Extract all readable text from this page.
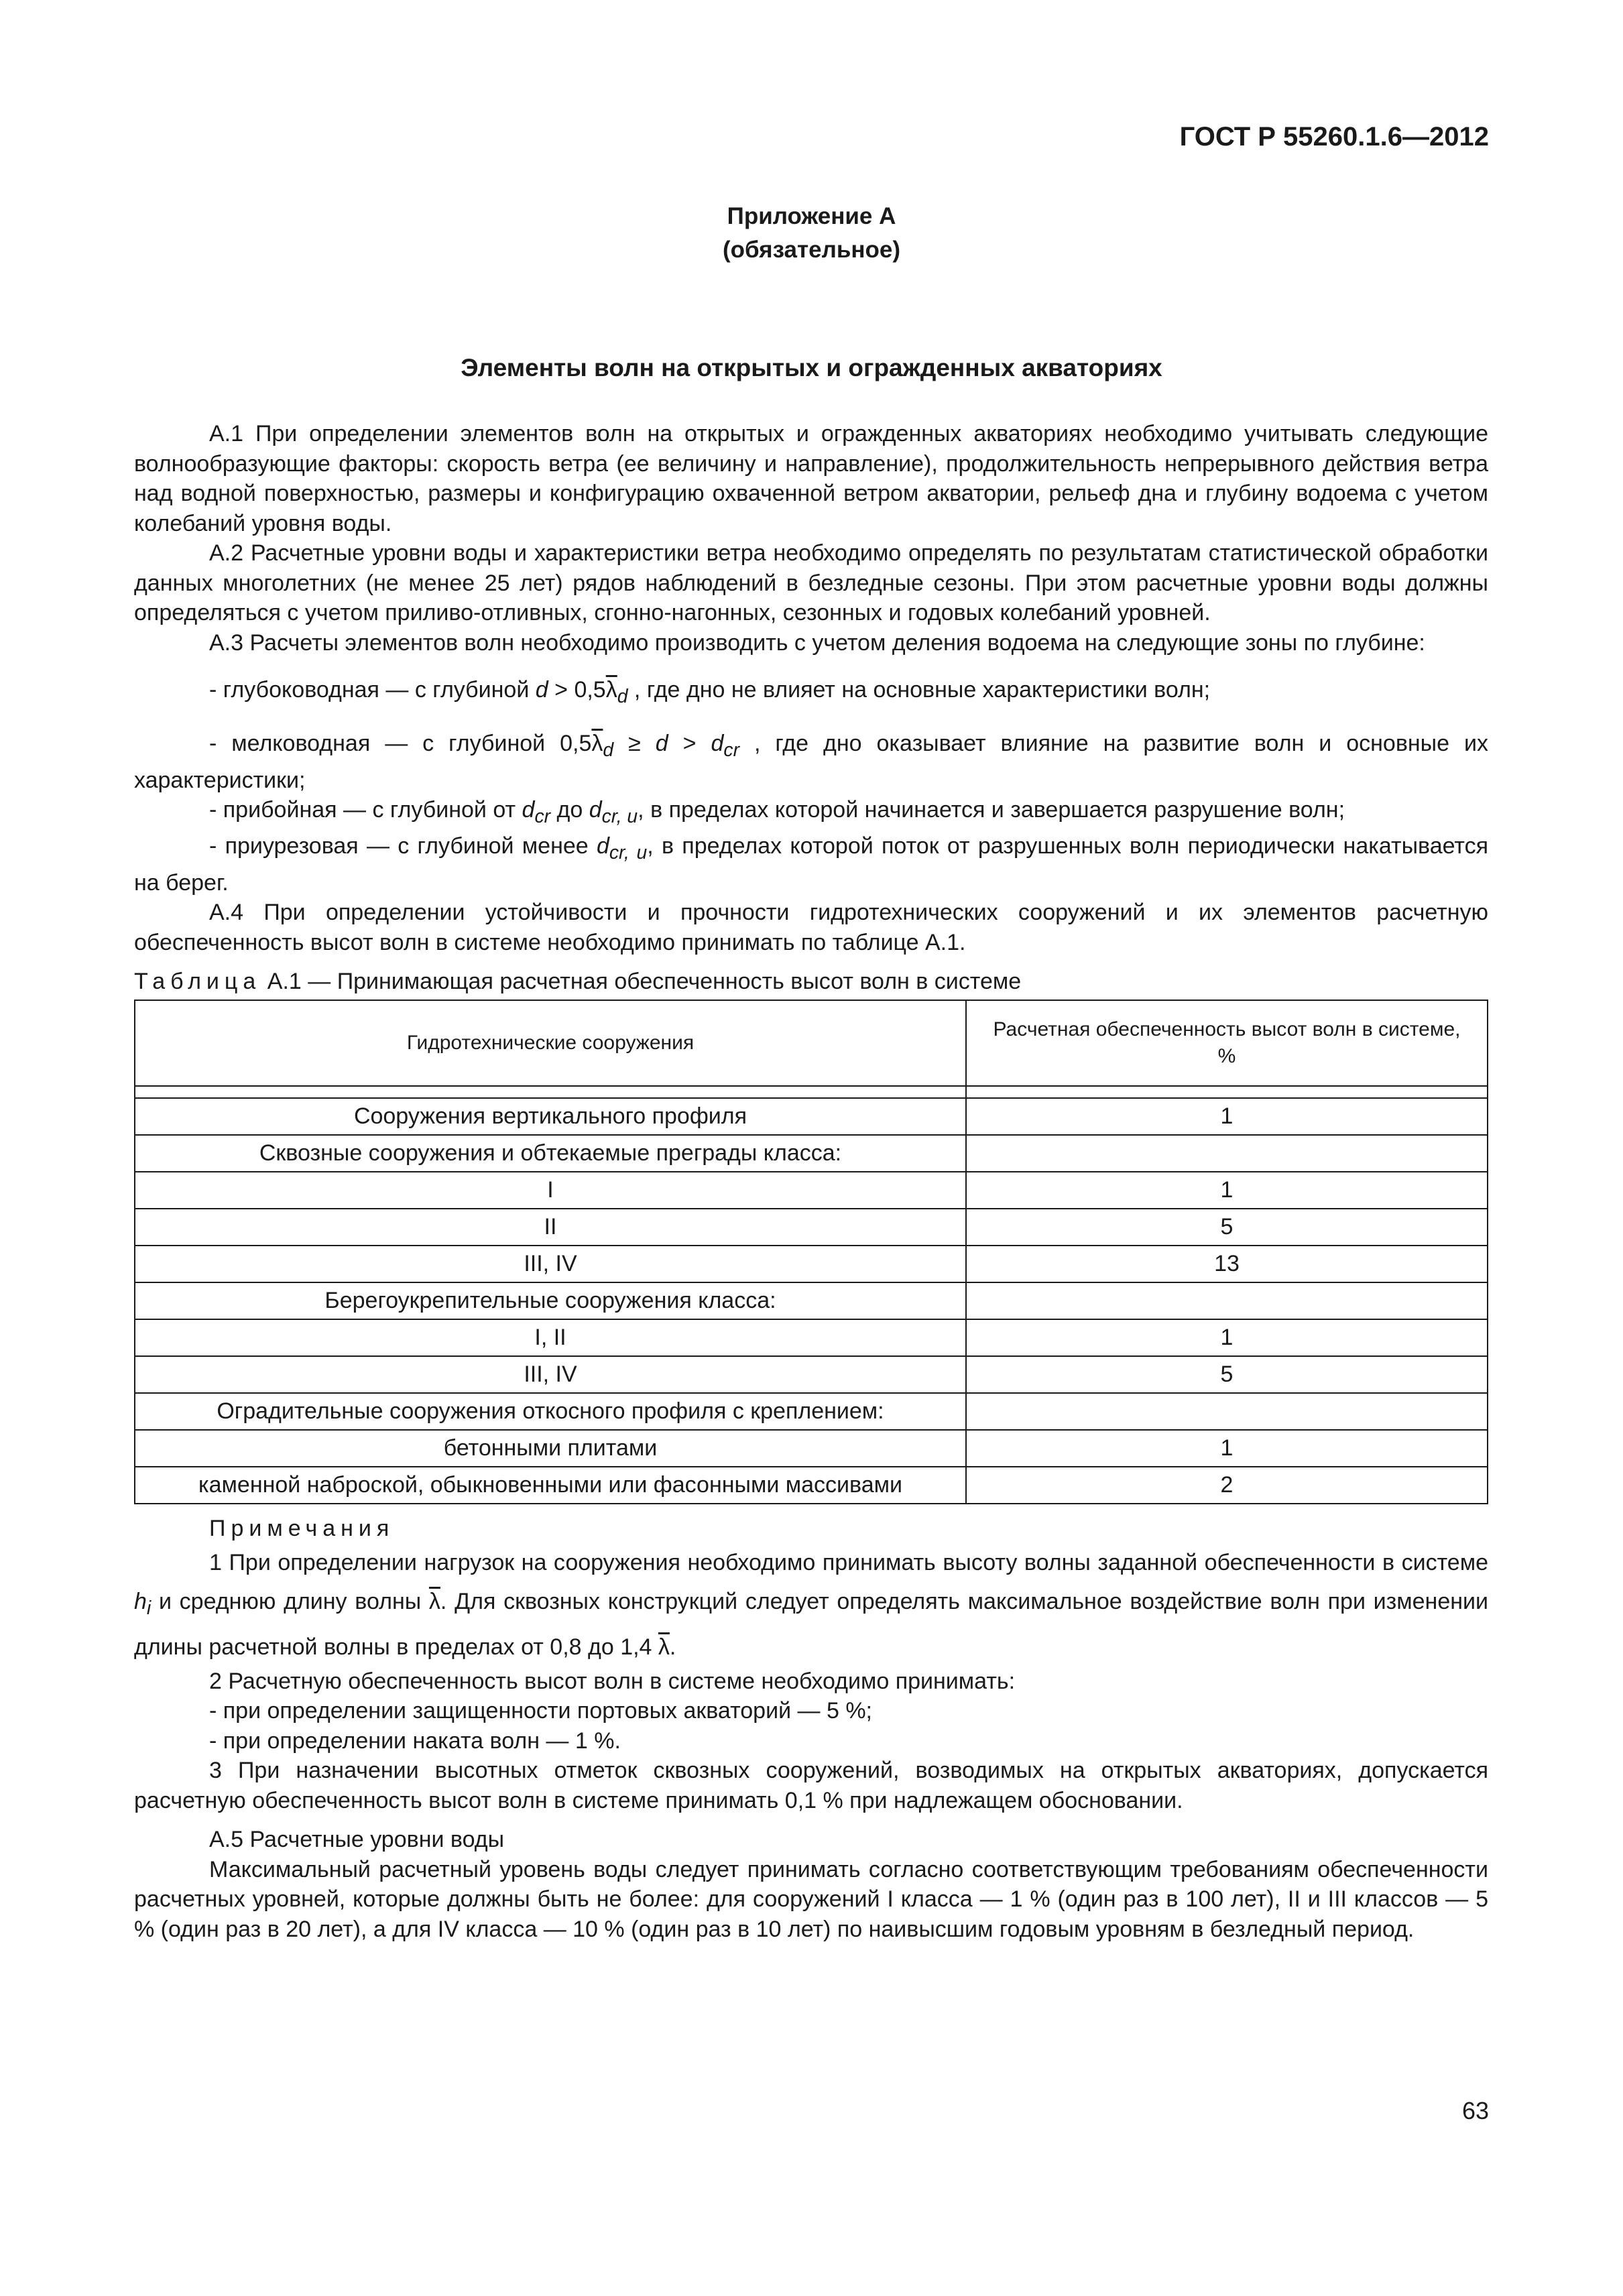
ГОСТ Р 55260.1.6—2012
Приложение А
(обязательное)
Элементы волн на открытых и огражденных акваториях

А.1 При определении элементов волн на открытых и огражденных акваториях необходимо учитывать следующие волнообразующие факторы: скорость ветра (ее величину и направление), продолжительность непрерывного действия ветра над водной поверхностью, размеры и конфигурацию охваченной ветром акватории, рельеф дна и глубину водоема с учетом колебаний уровня воды.

А.2 Расчетные уровни воды и характеристики ветра необходимо определять по результатам статистической обработки данных многолетних (не менее 25 лет) рядов наблюдений в безледные сезоны. При этом расчетные уровни воды должны определяться с учетом приливо-отливных, сгонно-нагонных, сезонных и годовых колебаний уровней.

А.3 Расчеты элементов волн необходимо производить с учетом деления водоема на следующие зоны по глубине:

- глубоководная — с глубиной $d > 0,5\overline{\lambda}_d$ , где дно не влияет на основные характеристики волн;

- мелководная — с глубиной $0,5\overline{\lambda}_d \ge d > d_{cr}$ , где дно оказывает влияние на развитие волн и основные их характеристики;

- прибойная — с глубиной от $d_{cr}$ до $d_{cr, u}$, в пределах которой начинается и завершается разрушение волн;

- приурезовая — с глубиной менее $d_{cr, u}$, в пределах которой поток от разрушенных волн периодически накатывается на берег.

А.4 При определении устойчивости и прочности гидротехнических сооружений и их элементов расчетную обеспеченность высот волн в системе необходимо принимать по таблице А.1.

Таблица А.1 — Принимающая расчетная обеспеченность высот волн в системе

Гидротехнические сооружения	Расчетная обеспеченность высот волн в системе, %

Сооружения вертикального профиля	1
Сквозные сооружения и обтекаемые преграды класса:	
I	1
II	5
III, IV	13
Берегоукрепительные сооружения класса:	
I, II	1
III, IV	5
Оградительные сооружения откосного профиля с креплением:	
бетонными плитами	1
каменной наброской, обыкновенными или фасонными массивами	2

Примечания

1 При определении нагрузок на сооружения необходимо принимать высоту волны заданной обеспеченности в системе $h_i$ и среднюю длину волны $\overline{\lambda}$. Для сквозных конструкций следует определять максимальное воздействие волн при изменении длины расчетной волны в пределах от 0,8 до 1,4 $\overline{\lambda}$.

2 Расчетную обеспеченность высот волн в системе необходимо принимать:

- при определении защищенности портовых акваторий — 5 %;

- при определении наката волн — 1 %.

3 При назначении высотных отметок сквозных сооружений, возводимых на открытых акваториях, допускается расчетную обеспеченность высот волн в системе принимать 0,1 % при надлежащем обосновании.

А.5 Расчетные уровни воды

Максимальный расчетный уровень воды следует принимать согласно соответствующим требованиям обеспеченности расчетных уровней, которые должны быть не более: для сооружений I класса — 1 % (один раз в 100 лет), II и III классов — 5 % (один раз в 20 лет), а для IV класса — 10 % (один раз в 10 лет) по наивысшим годовым уровням в безледный период.

63
